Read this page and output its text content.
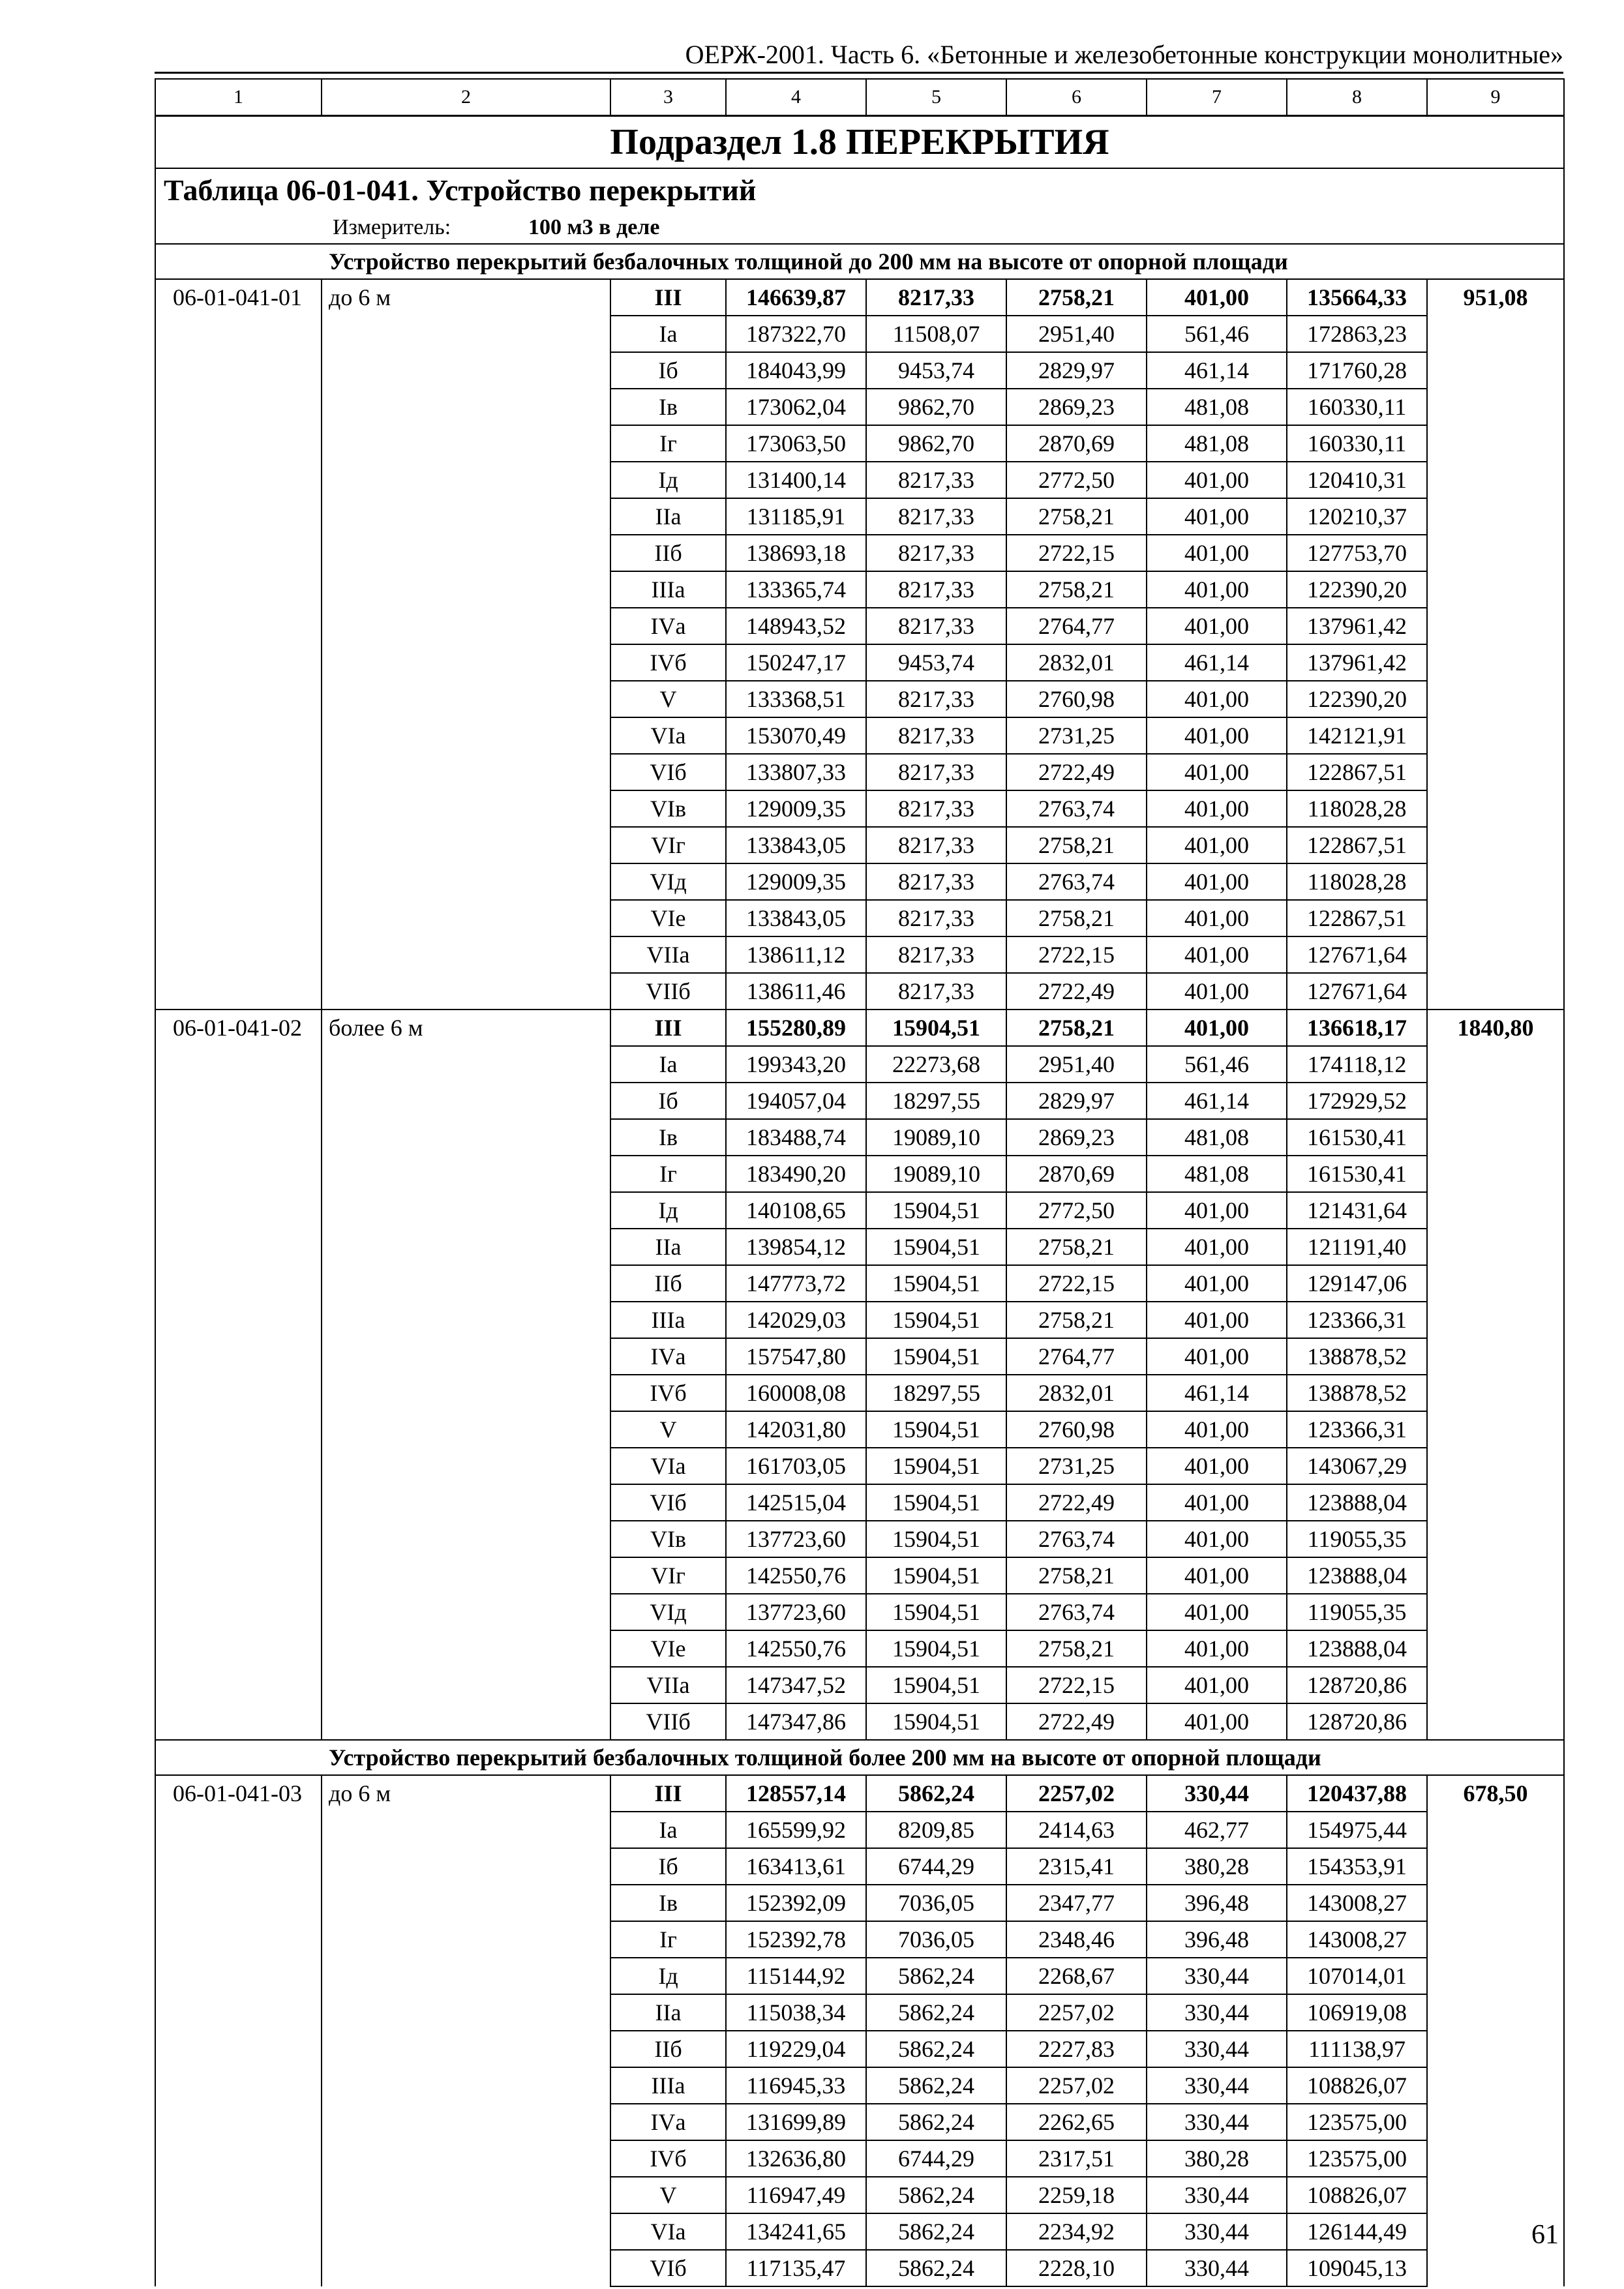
ОЕРЖ-2001. Часть 6. «Бетонные и железобетонные конструкции монолитные»
1	2	3	4	5	6	7	8	9
Подраздел 1.8 ПЕРЕКРЫТИЯ								
Таблица 06-01-041. Устройство перекрытий								
Измеритель: 100 м3 в деле								
Устройство перекрытий безбалочных толщиной до 200 мм на высоте от опорной площади								
06-01-041-01	до 6 м	III	146639,87	8217,33	2758,21	401,00	135664,33	951,08
		Iа	187322,70	11508,07	2951,40	561,46	172863,23	
		Iб	184043,99	9453,74	2829,97	461,14	171760,28	
		Iв	173062,04	9862,70	2869,23	481,08	160330,11	
		Iг	173063,50	9862,70	2870,69	481,08	160330,11	
		Iд	131400,14	8217,33	2772,50	401,00	120410,31	
		IIа	131185,91	8217,33	2758,21	401,00	120210,37	
		IIб	138693,18	8217,33	2722,15	401,00	127753,70	
		IIIа	133365,74	8217,33	2758,21	401,00	122390,20	
		IVа	148943,52	8217,33	2764,77	401,00	137961,42	
		IVб	150247,17	9453,74	2832,01	461,14	137961,42	
		V	133368,51	8217,33	2760,98	401,00	122390,20	
		VIа	153070,49	8217,33	2731,25	401,00	142121,91	
		VIб	133807,33	8217,33	2722,49	401,00	122867,51	
		VIв	129009,35	8217,33	2763,74	401,00	118028,28	
		VIг	133843,05	8217,33	2758,21	401,00	122867,51	
		VIд	129009,35	8217,33	2763,74	401,00	118028,28	
		VIе	133843,05	8217,33	2758,21	401,00	122867,51	
		VIIа	138611,12	8217,33	2722,15	401,00	127671,64	
		VIIб	138611,46	8217,33	2722,49	401,00	127671,64	
06-01-041-02	более 6 м	III	155280,89	15904,51	2758,21	401,00	136618,17	1840,80
		Iа	199343,20	22273,68	2951,40	561,46	174118,12	
		Iб	194057,04	18297,55	2829,97	461,14	172929,52	
		Iв	183488,74	19089,10	2869,23	481,08	161530,41	
		Iг	183490,20	19089,10	2870,69	481,08	161530,41	
		Iд	140108,65	15904,51	2772,50	401,00	121431,64	
		IIа	139854,12	15904,51	2758,21	401,00	121191,40	
		IIб	147773,72	15904,51	2722,15	401,00	129147,06	
		IIIа	142029,03	15904,51	2758,21	401,00	123366,31	
		IVа	157547,80	15904,51	2764,77	401,00	138878,52	
		IVб	160008,08	18297,55	2832,01	461,14	138878,52	
		V	142031,80	15904,51	2760,98	401,00	123366,31	
		VIа	161703,05	15904,51	2731,25	401,00	143067,29	
		VIб	142515,04	15904,51	2722,49	401,00	123888,04	
		VIв	137723,60	15904,51	2763,74	401,00	119055,35	
		VIг	142550,76	15904,51	2758,21	401,00	123888,04	
		VIд	137723,60	15904,51	2763,74	401,00	119055,35	
		VIе	142550,76	15904,51	2758,21	401,00	123888,04	
		VIIа	147347,52	15904,51	2722,15	401,00	128720,86	
		VIIб	147347,86	15904,51	2722,49	401,00	128720,86	
Устройство перекрытий безбалочных толщиной более 200 мм на высоте от опорной площади								
06-01-041-03	до 6 м	III	128557,14	5862,24	2257,02	330,44	120437,88	678,50
		Iа	165599,92	8209,85	2414,63	462,77	154975,44	
		Iб	163413,61	6744,29	2315,41	380,28	154353,91	
		Iв	152392,09	7036,05	2347,77	396,48	143008,27	
		Iг	152392,78	7036,05	2348,46	396,48	143008,27	
		Iд	115144,92	5862,24	2268,67	330,44	107014,01	
		IIа	115038,34	5862,24	2257,02	330,44	106919,08	
		IIб	119229,04	5862,24	2227,83	330,44	111138,97	
		IIIа	116945,33	5862,24	2257,02	330,44	108826,07	
		IVа	131699,89	5862,24	2262,65	330,44	123575,00	
		IVб	132636,80	6744,29	2317,51	380,28	123575,00	
		V	116947,49	5862,24	2259,18	330,44	108826,07	
		VIа	134241,65	5862,24	2234,92	330,44	126144,49	
		VIб	117135,47	5862,24	2228,10	330,44	109045,13	
61
